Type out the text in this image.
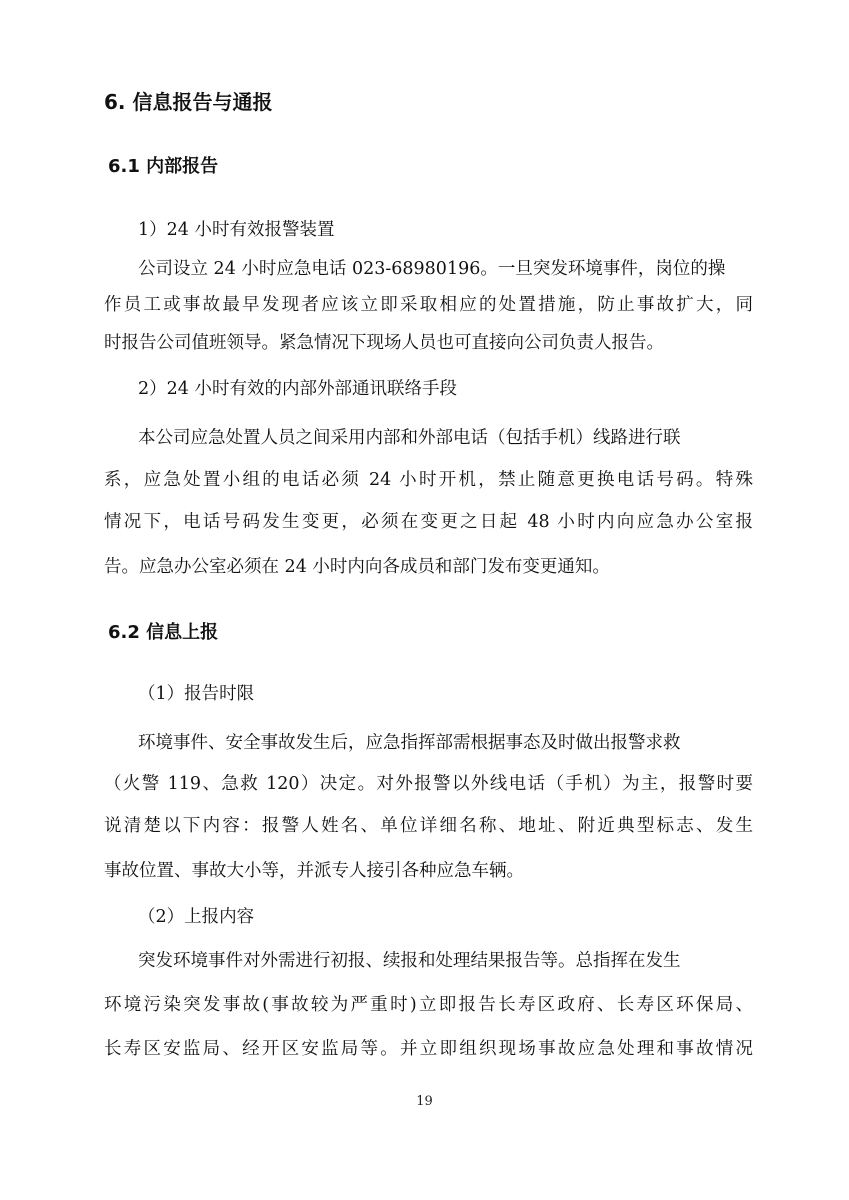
6. 信息报告与通报
6.1 内部报告
1）24 小时有效报警装置
公司设立 24 小时应急电话 023-68980196。一旦突发环境事件，岗位的操
作员工或事故最早发现者应该立即采取相应的处置措施，防止事故扩大，同
时报告公司值班领导。紧急情况下现场人员也可直接向公司负责人报告。
2）24 小时有效的内部外部通讯联络手段
本公司应急处置人员之间采用内部和外部电话（包括手机）线路进行联
系，应急处置小组的电话必须 24 小时开机，禁止随意更换电话号码。特殊
情况下，电话号码发生变更，必须在变更之日起 48 小时内向应急办公室报
告。应急办公室必须在 24 小时内向各成员和部门发布变更通知。
6.2 信息上报
（1）报告时限
环境事件、安全事故发生后，应急指挥部需根据事态及时做出报警求救
（火警 119、急救 120）决定。对外报警以外线电话（手机）为主，报警时要
说清楚以下内容：报警人姓名、单位详细名称、地址、附近典型标志、发生
事故位置、事故大小等，并派专人接引各种应急车辆。
（2）上报内容
突发环境事件对外需进行初报、续报和处理结果报告等。总指挥在发生
环境污染突发事故(事故较为严重时)立即报告长寿区政府、长寿区环保局、
长寿区安监局、经开区安监局等。并立即组织现场事故应急处理和事故情况
19
